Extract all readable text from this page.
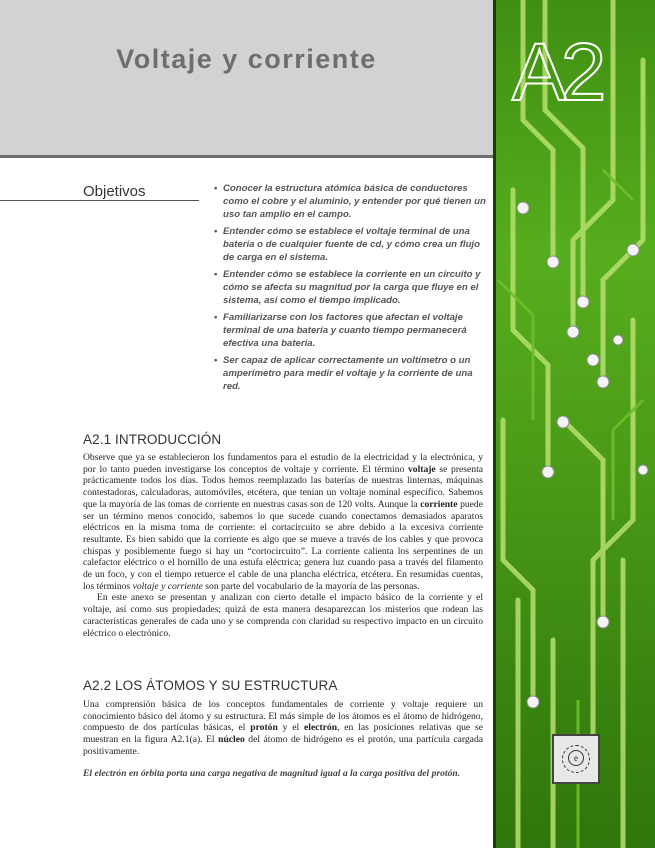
Voltaje y corriente	A2
Objetivos
•	Conocer la estructura atómica básica de conductores como el cobre y el aluminio, y entender por qué tienen un uso tan amplio en el campo.
• Entender cómo se establece el voltaje terminal de una batería o de cualquier fuente de cd, y cómo crea un flujo de carga en el sistema.
• Entender cómo se establece la corriente en un circuito y cómo se afecta su magnitud por la carga que fluye en el sistema, así como el tiempo implicado.
• Familiarizarse con los factores que afectan el voltaje terminal de una batería y cuanto tiempo permanecerá efectiva una batería.
• Ser capaz de aplicar correctamente un voltímetro o un amperímetro para medir el voltaje y la corriente de una red.
A2.1 INTRODUCCIÓN

Observe que ya se establecieron los fundamentos para el estudio de la electricidad y la electrónica, y por lo tanto pueden investigarse los conceptos de voltaje y corriente. El término voltaje se presenta prácticamente todos los días. Todos hemos reemplazado las baterías de nuestras linternas, máquinas contestadoras, calculadoras, automóviles, etcétera, que tenían un voltaje nominal específico. Sabemos que la mayoría de las tomas de corriente en nuestras casas son de 120 volts. Aunque la corriente puede ser un término menos conocido, sabemos lo que sucede cuando conectamos demasiados aparatos eléctricos en la misma toma de corriente: el cortacircuito se abre debido a la excesiva corriente resultante. Es bien sabido que la corriente es algo que se mueve a través de los cables y que provoca chispas y posiblemente fuego si hay un “cortocircuito”. La corriente calienta los serpentines de un calefactor eléctrico o el hornillo de una estufa eléctrica; genera luz cuando pasa a través del filamento de un foco, y con el tiempo retuerce el cable de una plancha eléctrica, etcétera. En resumidas cuentas, los términos voltaje y corriente son parte del vocabulario de la mayoría de las personas.

En este anexo se presentan y analizan con cierto detalle el impacto básico de la corriente y el voltaje, así como sus propiedades; quizá de esta manera desaparezcan los misterios que rodean las características generales de cada uno y se comprenda con claridad su respectivo impacto en un circuito eléctrico o electrónico.

A2.2 LOS ÁTOMOS Y SU ESTRUCTURA

Una comprensión básica de los conceptos fundamentales de corriente y voltaje requiere un conocimiento básico del átomo y su estructura. El más simple de los átomos es el átomo de hidrógeno, compuesto de dos partículas básicas, el protón y el electrón, en las posiciones relativas que se muestran en la figura A2.1(a). El núcleo del átomo de hidrógeno es el protón, una partícula cargada positivamente.

El electrón en órbita porta una carga negativa de magnitud igual a la carga positiva del protón.
e
